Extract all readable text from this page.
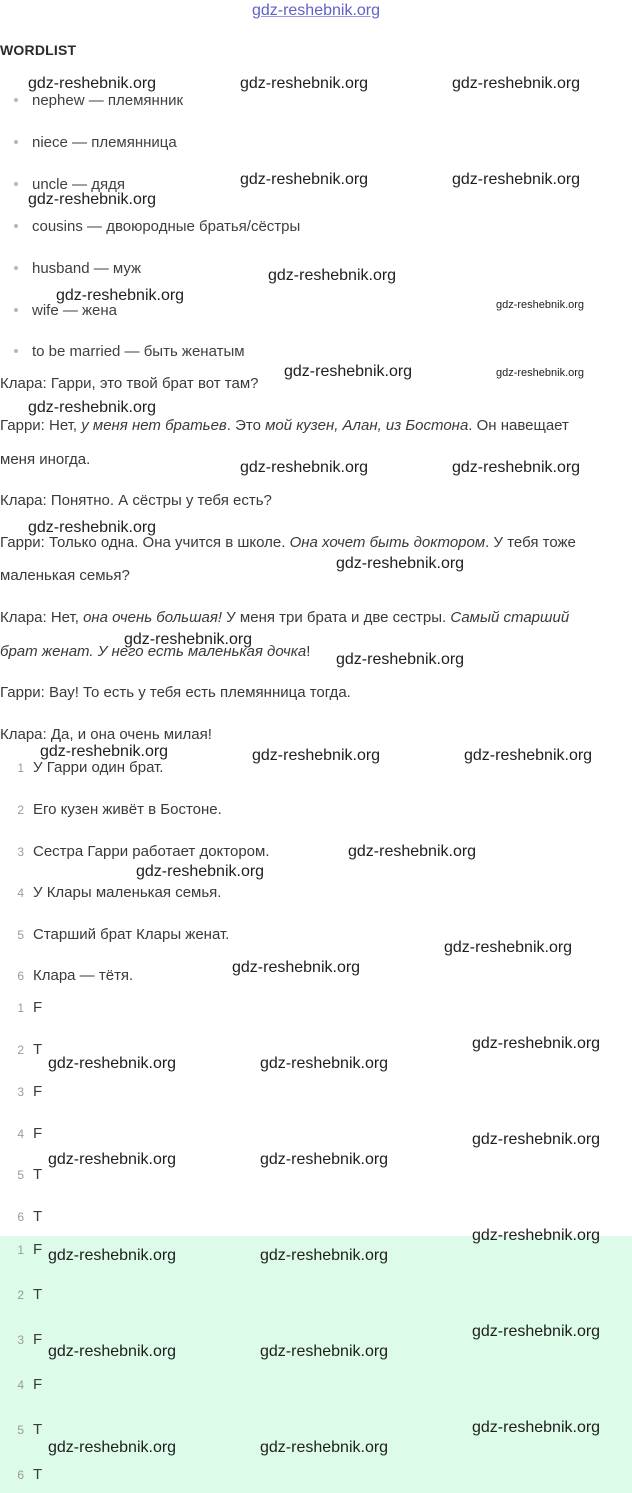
gdz-reshebnik.org
WORDLIST
nephew — племянник
niece — племянница
uncle — дядя
cousins — двоюродные братья/сёстры
husband — муж
wife — жена
to be married — быть женатым
Клара: Гарри, это твой брат вот там?
Гарри: Нет, у меня нет братьев. Это мой кузен, Алан, из Бостона. Он навещает
меня иногда.
Клара: Понятно. А сёстры у тебя есть?
Гарри: Только одна. Она учится в школе. Она хочет быть доктором. У тебя тоже
маленькая семья?
Клара: Нет, она очень большая! У меня три брата и две сестры. Самый старший
брат женат. У него есть маленькая дочка!
Гарри: Вау! То есть у тебя есть племянница тогда.
Клара: Да, и она очень милая!
1 У Гарри один брат.
2 Его кузен живёт в Бостоне.
3 Сестра Гарри работает доктором.
4 У Клары маленькая семья.
5 Старший брат Клары женат.
6 Клара — тётя.
1 F
2 T
3 F
4 F
5 T
6 T
1 F
2 T
3 F
4 F
5 T
6 T
gdz-reshebnik.org	gdz-reshebnik.org	gdz-reshebnik.org
gdz-reshebnik.org	gdz-reshebnik.org
gdz-reshebnik.org
gdz-reshebnik.org
gdz-reshebnik.org
gdz-reshebnik.org
gdz-reshebnik.org	gdz-reshebnik.org
gdz-reshebnik.org
gdz-reshebnik.org	gdz-reshebnik.org
gdz-reshebnik.org
gdz-reshebnik.org
gdz-reshebnik.org
gdz-reshebnik.org
gdz-reshebnik.org	gdz-reshebnik.org	gdz-reshebnik.org
gdz-reshebnik.org
gdz-reshebnik.org
gdz-reshebnik.org
gdz-reshebnik.org
gdz-reshebnik.org
gdz-reshebnik.org	gdz-reshebnik.org
gdz-reshebnik.org
gdz-reshebnik.org	gdz-reshebnik.org
gdz-reshebnik.org
gdz-reshebnik.org	gdz-reshebnik.org
gdz-reshebnik.org
gdz-reshebnik.org	gdz-reshebnik.org
gdz-reshebnik.org
gdz-reshebnik.org	gdz-reshebnik.org
